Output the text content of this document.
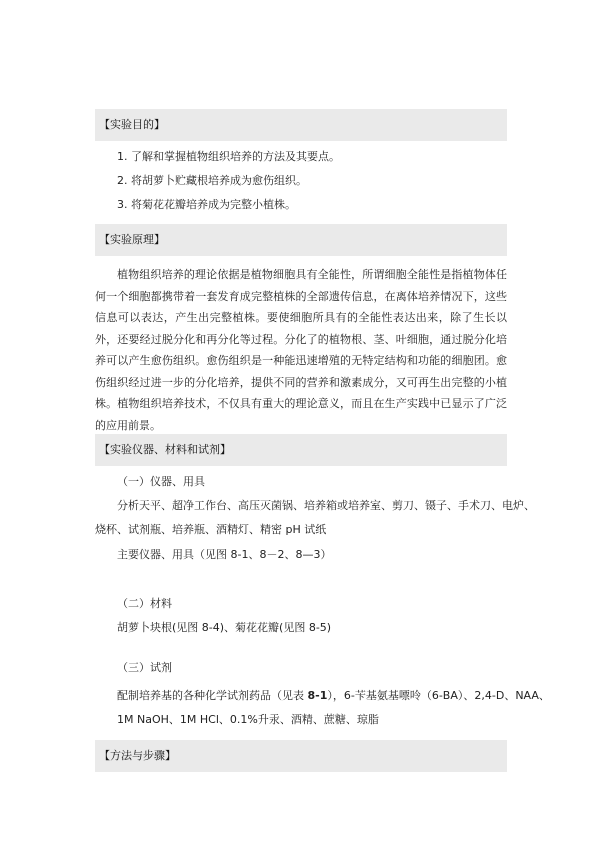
【实验目的】
1. 了解和掌握植物组织培养的方法及其要点。
2. 将胡萝卜贮藏根培养成为愈伤组织。
3. 将菊花花瓣培养成为完整小植株。
【实验原理】

植物组织培养的理论依据是植物细胞具有全能性，所谓细胞全能性是指植物体任何一个细胞都携带着一套发育成完整植株的全部遗传信息，在离体培养情况下，这些信息可以表达，产生出完整植株。要使细胞所具有的全能性表达出来，除了生长以外，还要经过脱分化和再分化等过程。分化了的植物根、茎、叶细胞，通过脱分化培养可以产生愈伤组织。愈伤组织是一种能迅速增殖的无特定结构和功能的细胞团。愈伤组织经过进一步的分化培养，提供不同的营养和激素成分，又可再生出完整的小植株。植物组织培养技术，不仅具有重大的理论意义，而且在生产实践中已显示了广泛的应用前景。

【实验仪器、材料和试剂】
（一）仪器、用具
分析天平、超净工作台、高压灭菌锅、培养箱或培养室、剪刀、镊子、手术刀、电炉、
烧杯、试剂瓶、培养瓶、酒精灯、精密 pH 试纸
主要仪器、用具（见图 8-1、8－2、8—3）
（二）材料
胡萝卜块根(见图 8-4)、菊花花瓣(见图 8-5)
（三）试剂
配制培养基的各种化学试剂药品（见表 8-1），6-苄基氨基嘌呤（6-BA）、2,4-D、NAA、
1M NaOH、1M HCl、0.1%升汞、酒精、蔗糖、琼脂
【方法与步骤】
